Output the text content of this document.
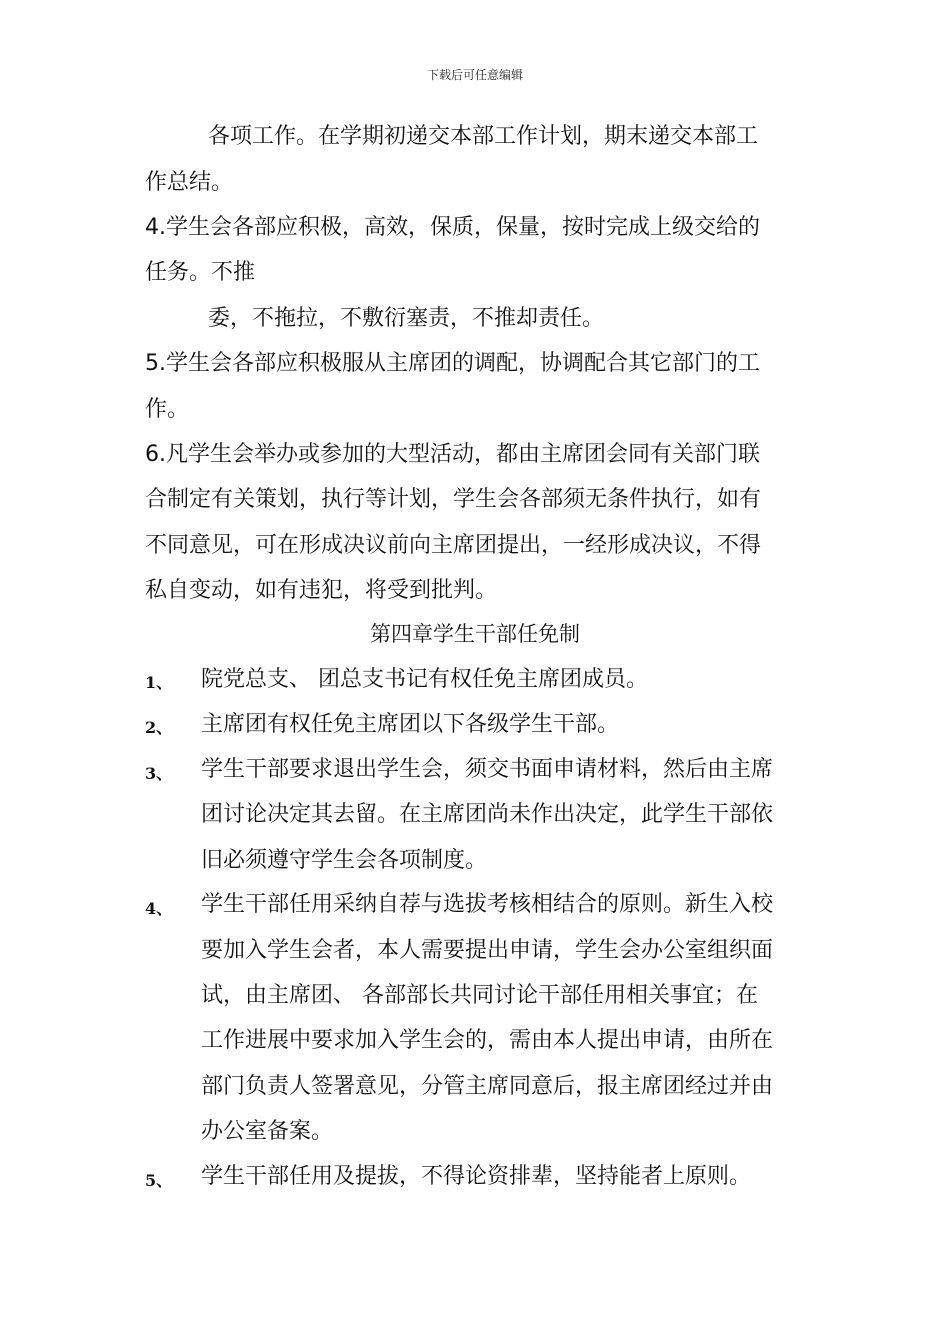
下载后可任意编辑
各项工作。在学期初递交本部工作计划，期末递交本部工
作总结。
4.学生会各部应积极，高效，保质，保量，按时完成上级交给的
任务。不推
委，不拖拉，不敷衍塞责，不推却责任。
5.学生会各部应积极服从主席团的调配，协调配合其它部门的工
作。
6.凡学生会举办或参加的大型活动，都由主席团会同有关部门联
合制定有关策划，执行等计划，学生会各部须无条件执行，如有
不同意见，可在形成决议前向主席团提出，一经形成决议，不得
私自变动，如有违犯，将受到批判。
第四章学生干部任免制
1、 院党总支、 团总支书记有权任免主席团成员。
2、 主席团有权任免主席团以下各级学生干部。
3、 学生干部要求退出学生会，须交书面申请材料，然后由主席
团讨论决定其去留。在主席团尚未作出决定，此学生干部依
旧必须遵守学生会各项制度。
4、 学生干部任用采纳自荐与选拔考核相结合的原则。新生入校
要加入学生会者，本人需要提出申请，学生会办公室组织面
试，由主席团、 各部部长共同讨论干部任用相关事宜；在
工作进展中要求加入学生会的，需由本人提出申请，由所在
部门负责人签署意见，分管主席同意后，报主席团经过并由
办公室备案。
5、 学生干部任用及提拔，不得论资排辈，坚持能者上原则。
